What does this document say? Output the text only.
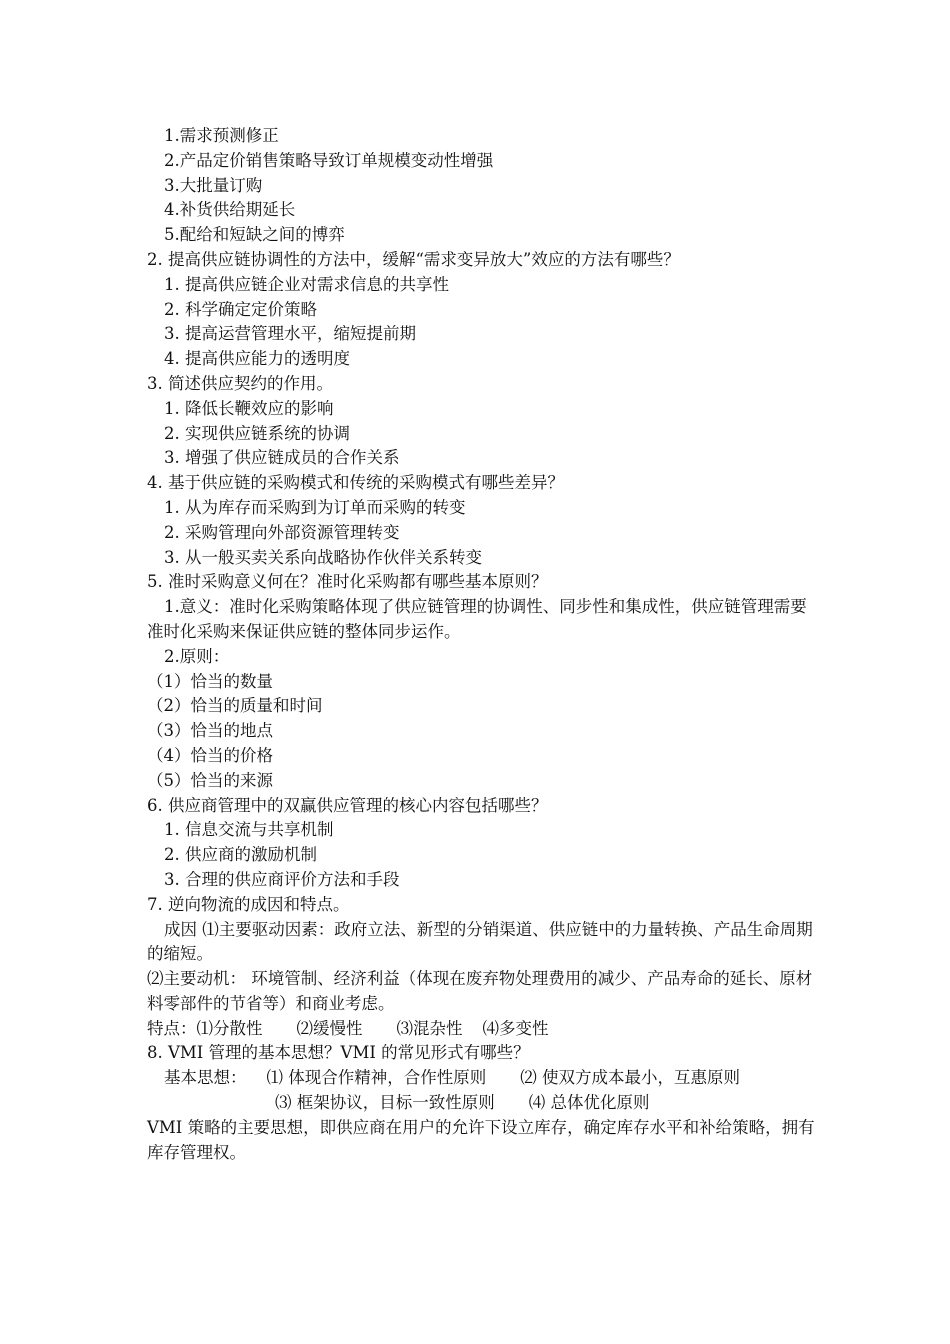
1.需求预测修正
2.产品定价销售策略导致订单规模变动性增强
3.大批量订购
4.补货供给期延长
5.配给和短缺之间的博弈
2. 提高供应链协调性的方法中，缓解“需求变异放大”效应的方法有哪些？
1. 提高供应链企业对需求信息的共享性
2. 科学确定定价策略
3. 提高运营管理水平，缩短提前期
4. 提高供应能力的透明度
3. 简述供应契约的作用。
1. 降低长鞭效应的影响
2. 实现供应链系统的协调
3. 增强了供应链成员的合作关系
4. 基于供应链的采购模式和传统的采购模式有哪些差异？
1. 从为库存而采购到为订单而采购的转变
2. 采购管理向外部资源管理转变
3. 从一般买卖关系向战略协作伙伴关系转变
5. 准时采购意义何在？准时化采购都有哪些基本原则？
1.意义：准时化采购策略体现了供应链管理的协调性、同步性和集成性，供应链管理需要准时化采购来保证供应链的整体同步运作。
2.原则：
（1）恰当的数量
（2）恰当的质量和时间
（3）恰当的地点
（4）恰当的价格
（5）恰当的来源
6. 供应商管理中的双赢供应管理的核心内容包括哪些？
1. 信息交流与共享机制
2. 供应商的激励机制
3. 合理的供应商评价方法和手段
7. 逆向物流的成因和特点。
成因 ⑴主要驱动因素：政府立法、新型的分销渠道、供应链中的力量转换、产品生命周期的缩短。
⑵主要动机： 环境管制、经济利益（体现在废弃物处理费用的减少、产品寿命的延长、原材料零部件的节省等）和商业考虑。
特点：⑴分散性 ⑵缓慢性 ⑶混杂性 ⑷多变性
8. VMI 管理的基本思想？VMI 的常见形式有哪些？
基本思想： ⑴ 体现合作精神，合作性原则 ⑵ 使双方成本最小，互惠原则
⑶ 框架协议，目标一致性原则 ⑷ 总体优化原则
VMI 策略的主要思想，即供应商在用户的允许下设立库存，确定库存水平和补给策略，拥有库存管理权。
